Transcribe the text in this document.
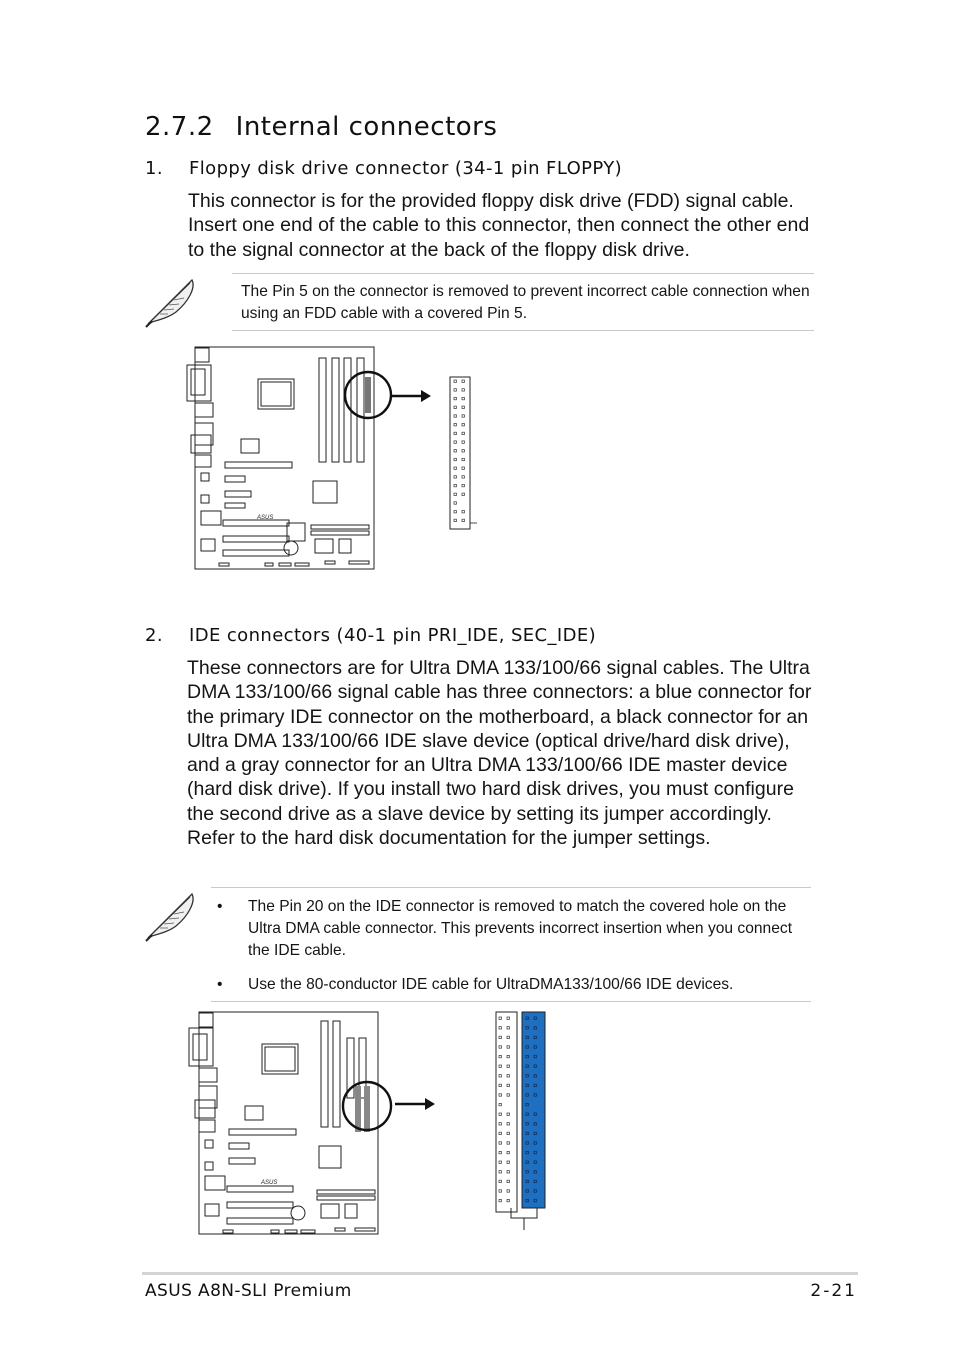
2.7.2 Internal connectors
1. Floppy disk drive connector (34-1 pin FLOPPY)

This connector is for the provided floppy disk drive (FDD) signal cable. Insert one end of the cable to this connector, then connect the other end to the signal connector at the back of the floppy disk drive.

The Pin 5 on the connector is removed to prevent incorrect cable connection when using an FDD cable with a covered Pin 5.

ASUS
2. IDE connectors (40-1 pin PRI_IDE, SEC_IDE)

These connectors are for Ultra DMA 133/100/66 signal cables. The Ultra DMA 133/100/66 signal cable has three connectors: a blue connector for the primary IDE connector on the motherboard, a black connector for an Ultra DMA 133/100/66 IDE slave device (optical drive/hard disk drive), and a gray connector for an Ultra DMA 133/100/66 IDE master device (hard disk drive). If you install two hard disk drives, you must configure the second drive as a slave device by setting its jumper accordingly. Refer to the hard disk documentation for the jumper settings.

• The Pin 20 on the IDE connector is removed to match the covered hole on the Ultra DMA cable connector. This prevents incorrect insertion when you connect the IDE cable.
• Use the 80-conductor IDE cable for UltraDMA133/100/66 IDE devices.
ASUS
ASUS A8N-SLI Premium	2-21
